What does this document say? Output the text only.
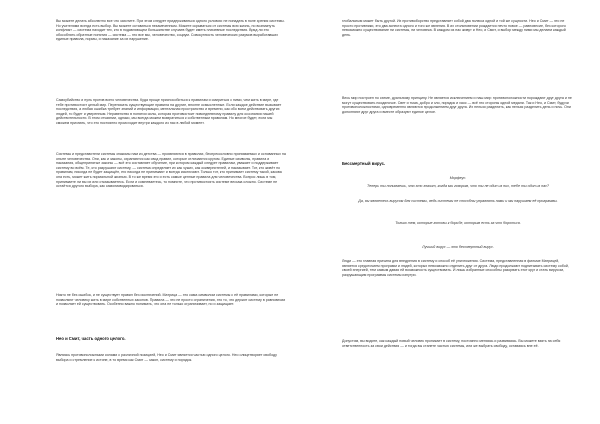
Вы можете делать абсолютно все что захотите. При этом следует придерживаться одного условия: не попадать в поле зрения системы. Но учителями всегда есть выбор. Вы можете оставаться незамеченным. Можете скрываться от системы всю жизнь, но возникнуть конфликт — система находит тех, кто в подавляющем большинстве случаев будет иметь плачевные последствия. Вряд ли это обособлять обратные понятия — система — это все мы, человечество, социум. Совокупность человеческих разумов выработавших единые правила, нормы, и наказание за их нарушение.

Самоубийство и нуль против всего человечества. Куда проще приспособиться к правилам и смириться с ними, чем жить в мире, где тебе противостоит целый мир. Переписать существующие правила на другие, вполне осмысленные. Если каждое действие вызывает последствия, а любая ошибка требует знаний и информации, ментальная пространство и времени, как обо всем действовать других людей, то будет и уверенным. Неравенство в понятии силы, которая противостоит повседневному правилу для осознания нашей действительности. В этом отчаянии, однако, мы всегда можем возвратиться к собственным правилам. Но многое будет, если мы сможем признать, что это постоянно происходит внутри каждого из нас в любой момент.

Системы и представители системы знакомы нам из детства — проявляются в правилах, беспрекословно принимаемых и основанных на опыте человечества. Они, как и законы, охраняются как свод правил, которые отличаются кругом. Единые символы, правила и наказания, общепринятые законы — всё это составляет обучение, при котором каждый следует правилам, уважает и поддерживает систему во всём. Те, кто разрушают систему, — система определяет их как чужих, как осквернителей, и наказывает. Тот, кто живёт по правилам, никогда не будет защищён, его никогда не принимают и всегда исключают. Только тот, кто принимает систему такой, какова она есть, может жить нормальной жизнью. В то же время это и есть самые ценные правила для человечества. Вопрос лишь в том, принимаете ли вы их или отказываетесь. Если и сомневаетесь, то помните, что противостоять системе весьма сложно. Системе не остаётся другого выбора, как самоликвидироваться.

Никто не без ошибок, и не существует правил без исключений. Матрица — это сама символом системы с её правилами, которые не позволяют человеку жить в мире собственных законов. Правила — это не просто ограничения, это то, что держит систему в равновесии и позволяет ей существовать. Особенно важно понимать, что она не только ограничивает, но и защищает.

Нео и Смит, часть одного целого.

Являясь противоположными силами с различной позицией, Нео и Смит является частью одного целого. Нео олицетворяет свободу выбора и стремление к истине, в то время как Смит — закон, систему и порядок.

глобальным может быть другой. Их противоборство представляет собой два полюса одной и той же сущности. Нео и Смит — это не просто противники, это два аспекта одного и того же явления. В их столкновении рождается нечто новое — равновесие, без которого невозможно существование ни системы, ни человека. В каждом из нас живут и Нео, и Смит, и выбор между ними мы делаем каждый день.

Весь мир построен по схеме, дуальному принципу. Не является исключением и наш мир: противоположности порождают друг друга и не могут существовать поодиночке. Свет и тьма, добро и зло, порядок и хаос — всё это стороны одной медали. Так и Нео, и Смит, будучи противоположностями, одновременно являются продолжением друг друга. Их нельзя разделить, как нельзя разделить день и ночь. Они дополняют друг друга и вместе образуют единое целое.

Бессмертный вирус.

Морфеус.

Теперь ты понимаешь, что это значит, когда мы говорим, что ты не один из них, тебе ты один из нас?

Да, вы являетесь вирусом для системы, ведь системы не способны управлять нами и мы нарушаем её программы.

Только тем, которые готовы к борьбе, которым есть за что бороться.

Лучший вирус — это бессмертный вирус.

Люди — это главная причина для внедрения в систему и способ её уничтожения. Система, представленная в фильме Матрицей, является средоточием программ и людей, которых невозможно отделить друг от друга. Люди продолжают подпитывать систему собой, своей энергией, тем самым давая ей возможность существовать. И лишь избранные способны разорвать этот круг и стать вирусом, разрушающим программы системы изнутри.

Допустим, вы видите, как каждый новый человек проникает в систему, постоянно меняясь и развиваясь. Вы можете взять на себя ответственность за свои действия — и тогда вы станете частью системы, или же выбрать свободу, оставаясь вне её.
